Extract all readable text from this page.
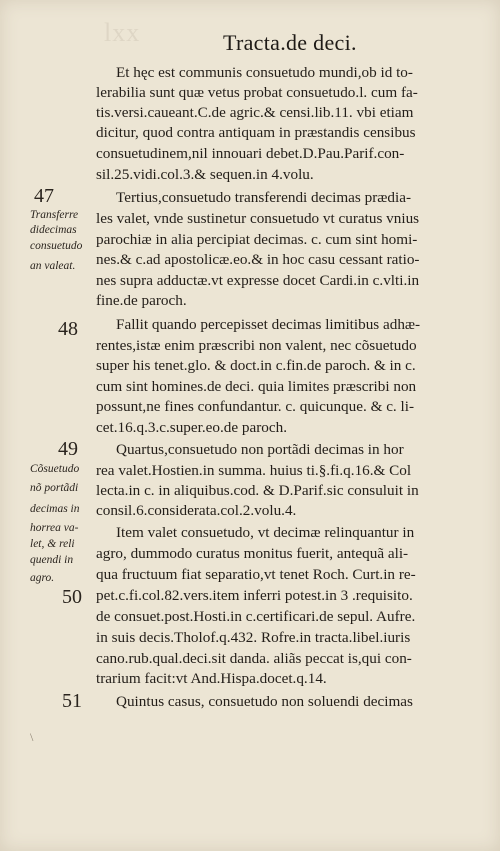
lxx	Tracta.de deci.
Et hęc est communis consuetudo mundi,ob id to-
lerabilia sunt quæ vetus probat consuetudo.l. cum fa-
tis.versi.caueant.C.de agric.& censi.lib.11. vbi etiam
dicitur, quod contra antiquam in præstandis censibus
consuetudinem,nil innouari debet.D.Pau.Parif.con-
sil.25.vidi.col.3.& sequen.in 4.volu.
Tertius,consuetudo transferendi decimas prædia-
les valet, vnde sustinetur consuetudo vt curatus vnius
parochiæ in alia percipiat decimas. c. cum sint homi-
nes.& c.ad apostolicæ.eo.& in hoc casu cessant ratio-
nes supra adductæ.vt expresse docet Cardi.in c.vlti.in
fine.de paroch.
Fallit quando percepisset decimas limitibus adhæ-
rentes,istæ enim præscribi non valent, nec cõsuetudo
super his tenet.glo. & doct.in c.fin.de paroch. & in c.
cum sint homines.de deci. quia limites præscribi non
possunt,ne fines confundantur. c. quicunque. & c. li-
cet.16.q.3.c.super.eo.de paroch.
Quartus,consuetudo non portãdi decimas in hor
rea valet.Hostien.in summa. huius ti.§.fi.q.16.& Col
lecta.in c. in aliquibus.cod. & D.Parif.sic consuluit in
consil.6.considerata.col.2.volu.4.
Item valet consuetudo, vt decimæ relinquantur in
agro, dummodo curatus monitus fuerit, antequã ali-
qua fructuum fiat separatio,vt tenet Roch. Curt.in re-
pet.c.fi.col.82.vers.item inferri potest.in 3 .requisito.
de consuet.post.Hosti.in c.certificari.de sepul. Aufre.
in suis decis.Tholof.q.432. Rofre.in tracta.libel.iuris
cano.rub.qual.deci.sit danda. aliãs peccat is,qui con-
trarium facit:vt And.Hispa.docet.q.14.
Quintus casus, consuetudo non soluendi decimas
47
48
49
50
51
Transferre
didecimas
consuetudo
an valeat.
Cõsuetudo
nõ portãdi
decimas in
horrea va-
let, & reli
quendi in
agro.
\
